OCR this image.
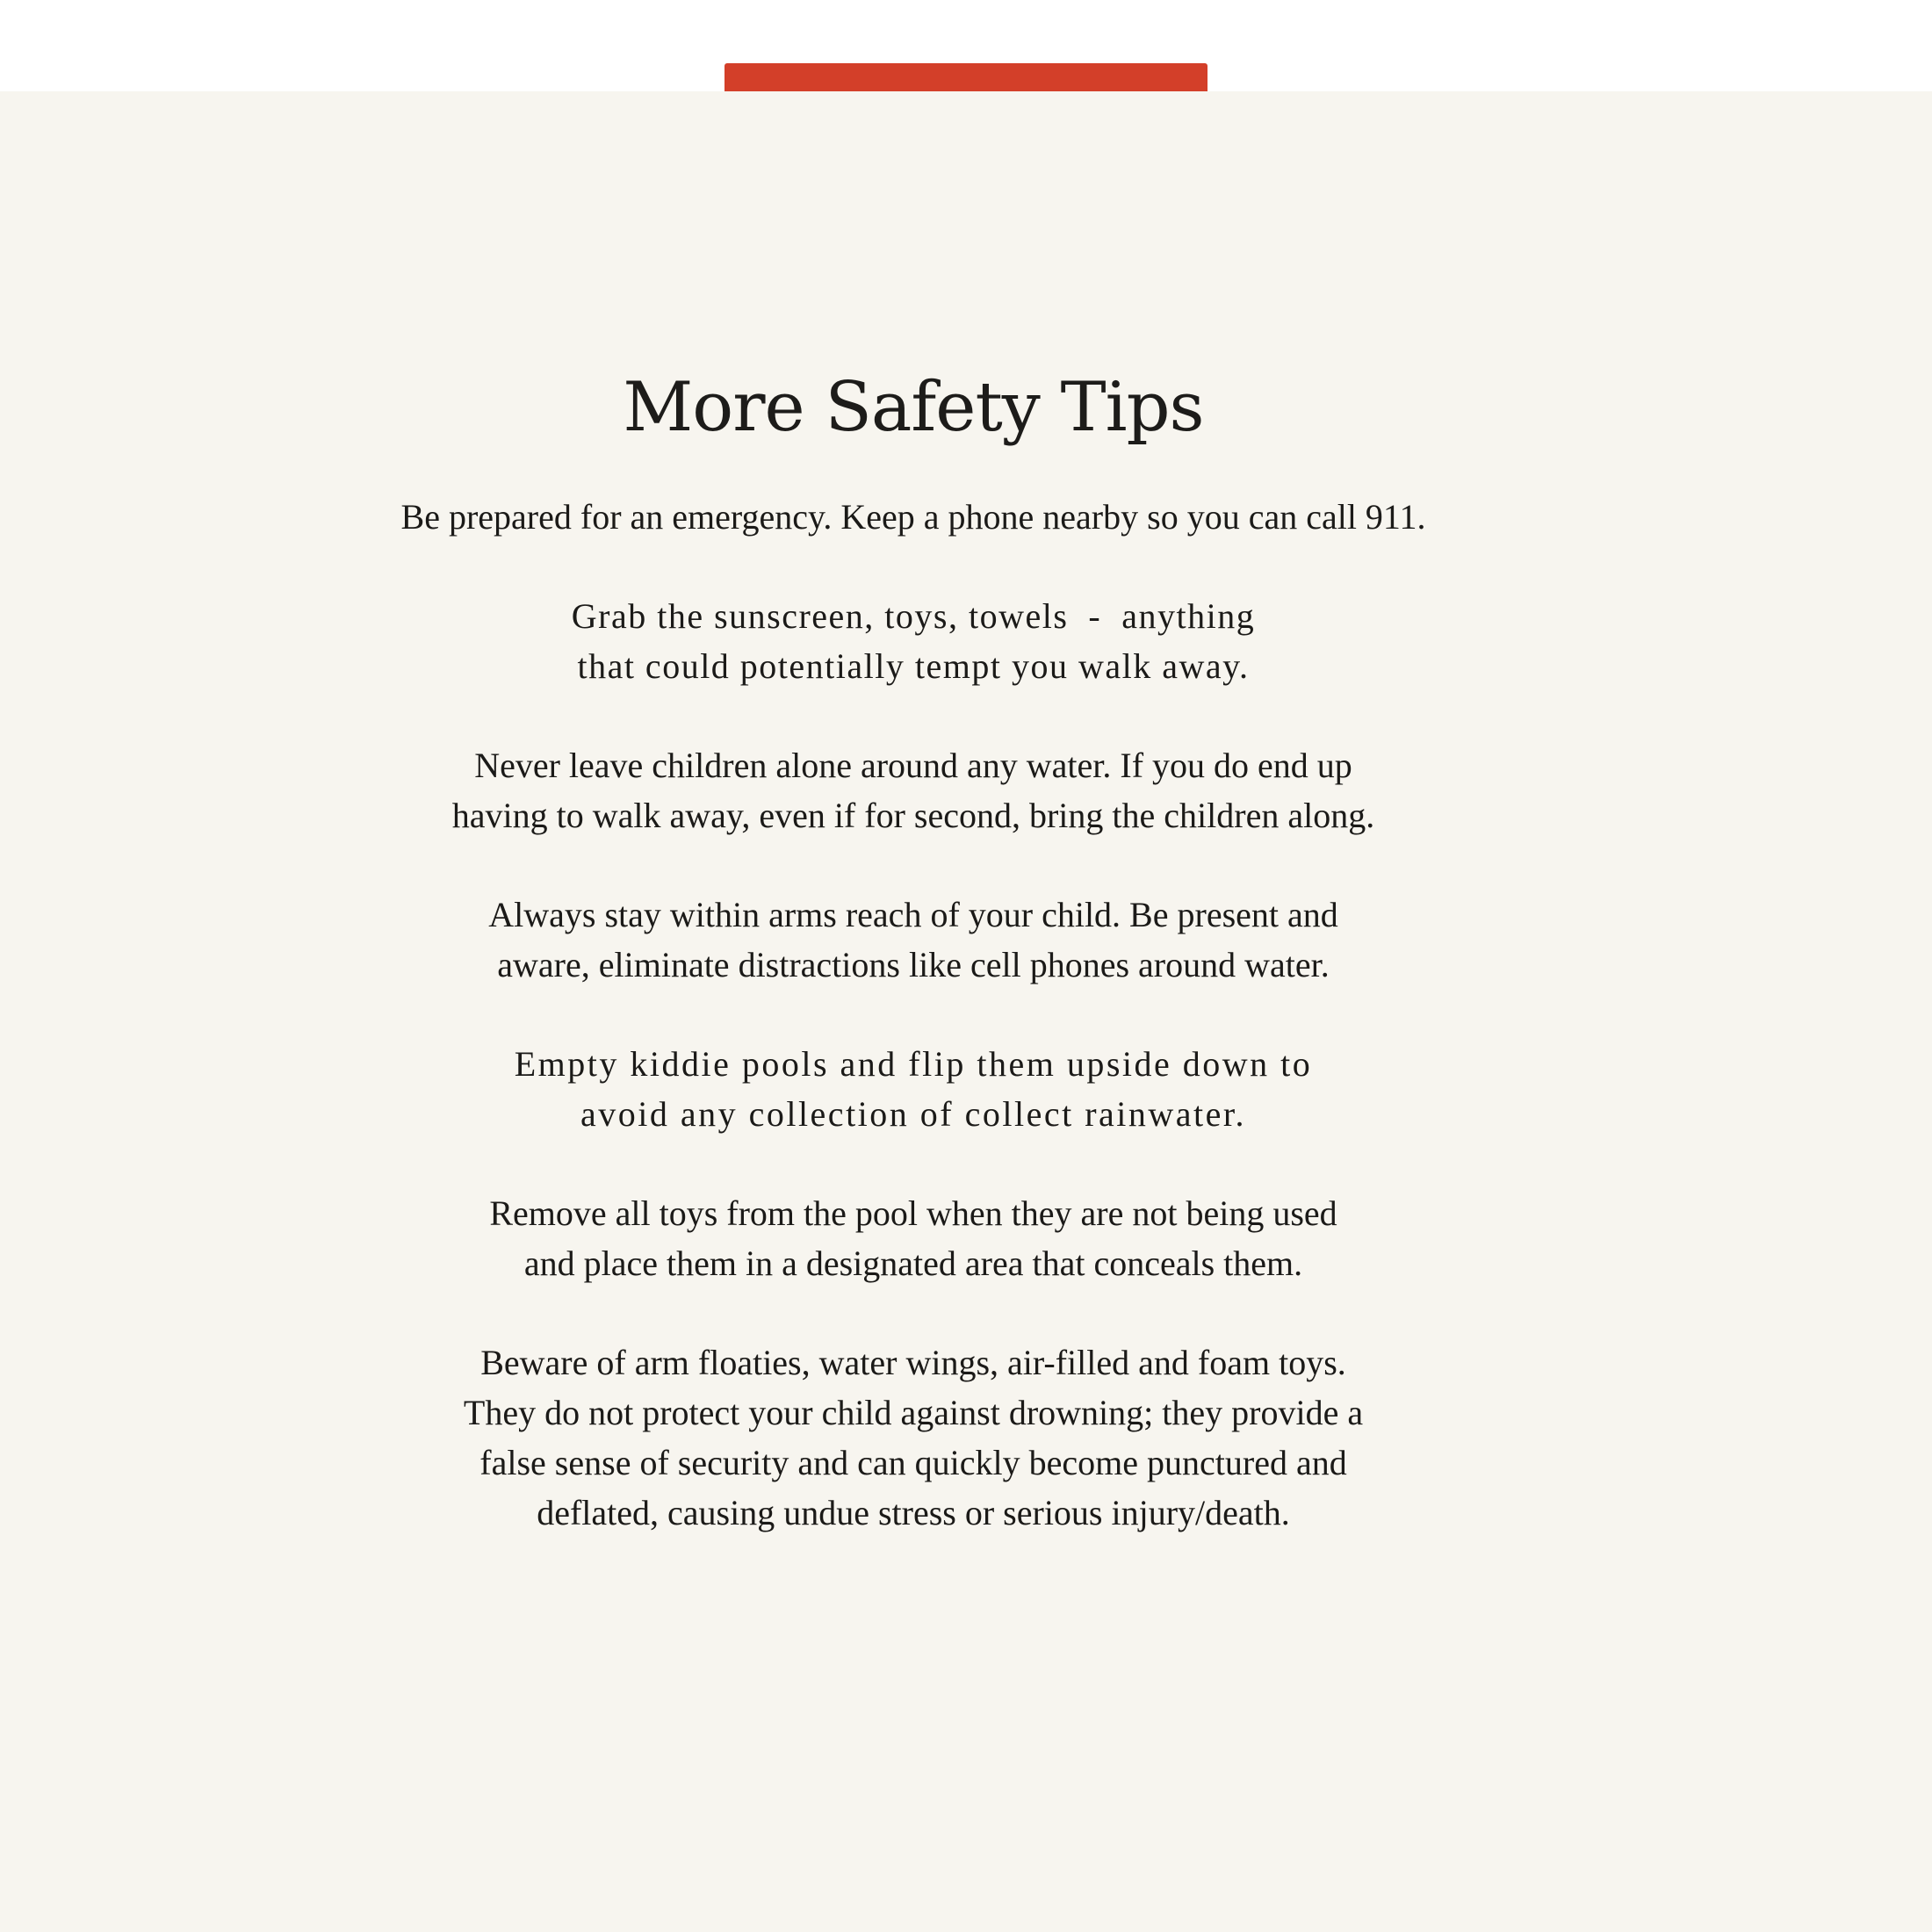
More Safety Tips

Be prepared for an emergency. Keep a phone nearby so you can call 911.

Grab the sunscreen, toys, towels  -  anything
that could potentially tempt you walk away.

Never leave children alone around any water. If you do end up
having to walk away, even if for second, bring the children along.

Always stay within arms reach of your child. Be present and
aware, eliminate distractions like cell phones around water.

Empty kiddie pools and flip them upside down to
avoid any collection of collect rainwater.

Remove all toys from the pool when they are not being used
and place them in a designated area that conceals them.

Beware of arm floaties, water wings, air-filled and foam toys.
They do not protect your child against drowning; they provide a
false sense of security and can quickly become punctured and
deflated, causing undue stress or serious injury/death.
